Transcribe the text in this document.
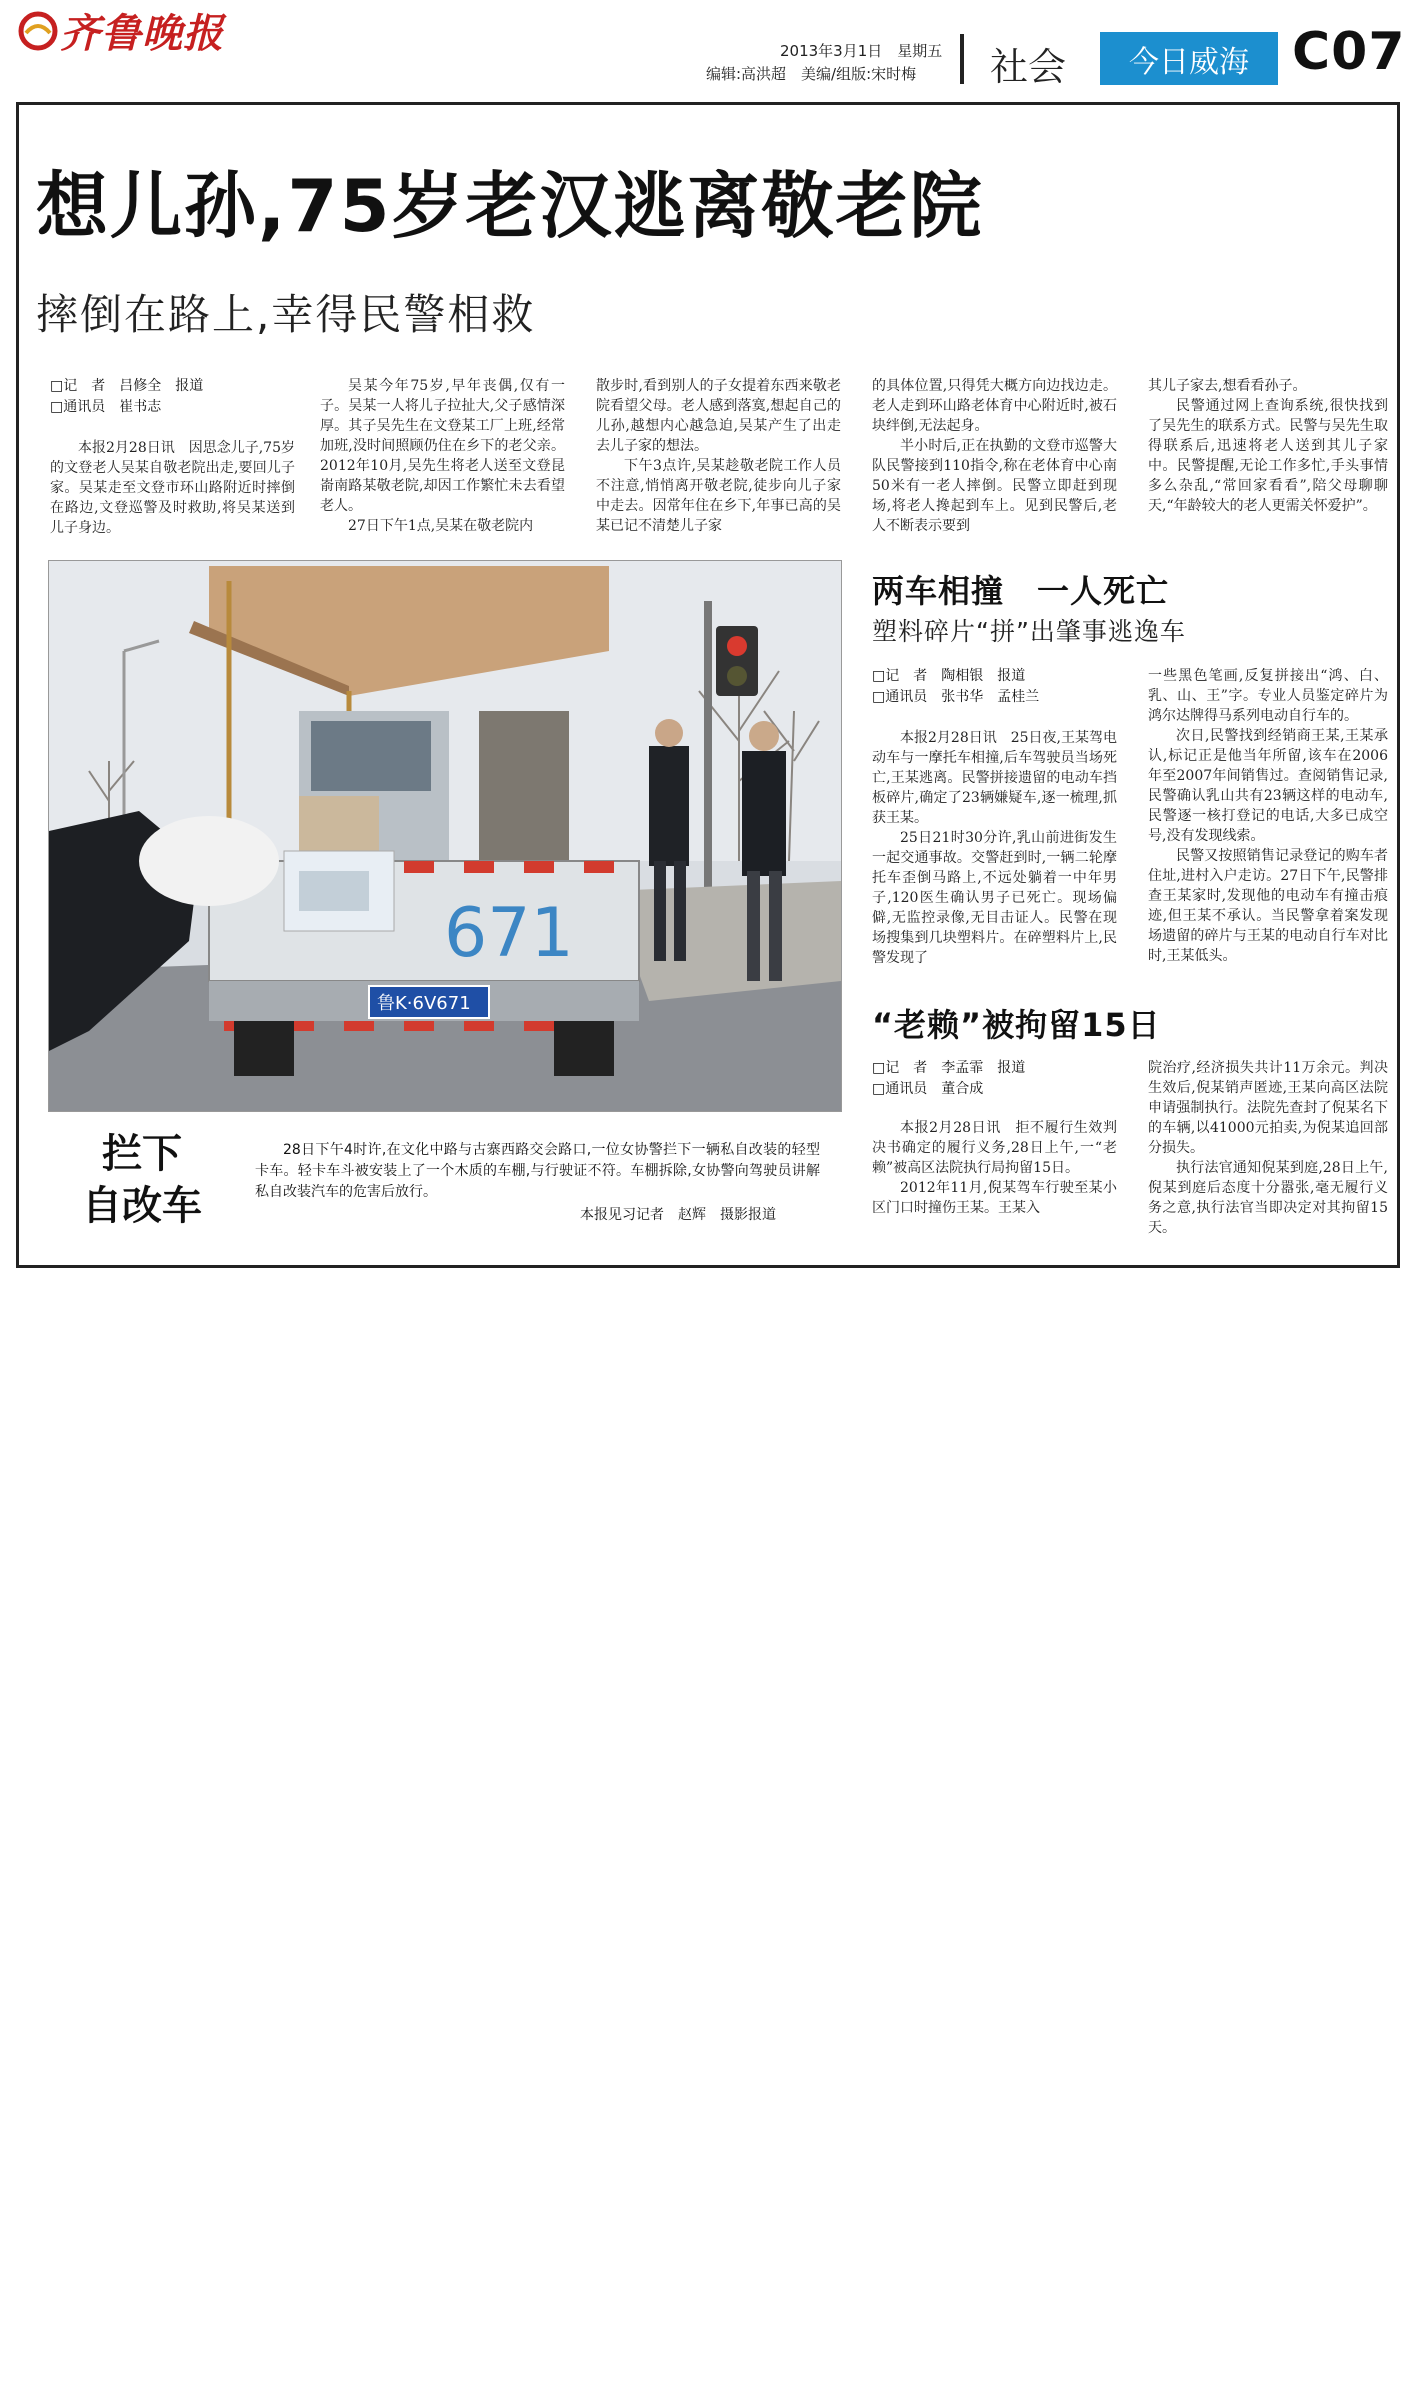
齐鲁晚报	2013年3月1日　星期五
编辑:高洪超　美编/组版:宋时梅 社会	今日威海 C07
想儿孙,75岁老汉逃离敬老院
摔倒在路上,幸得民警相救
□记　者　吕修全　报道
□通讯员　崔书志

本报2月28日讯　因思念儿子,75岁的文登老人吴某自敬老院出走,要回儿子家。吴某走至文登市环山路附近时摔倒在路边,文登巡警及时救助,将吴某送到儿子身边。

吴某今年75岁,早年丧偶,仅有一子。吴某一人将儿子拉扯大,父子感情深厚。其子吴先生在文登某工厂上班,经常加班,没时间照顾仍住在乡下的老父亲。2012年10月,吴先生将老人送至文登昆嵛南路某敬老院,却因工作繁忙未去看望老人。

27日下午1点,吴某在敬老院内

散步时,看到别人的子女提着东西来敬老院看望父母。老人感到落寞,想起自己的儿孙,越想内心越急迫,吴某产生了出走去儿子家的想法。

下午3点许,吴某趁敬老院工作人员不注意,悄悄离开敬老院,徒步向儿子家中走去。因常年住在乡下,年事已高的吴某已记不清楚儿子家

的具体位置,只得凭大概方向边找边走。老人走到环山路老体育中心附近时,被石块绊倒,无法起身。

半小时后,正在执勤的文登市巡警大队民警接到110指令,称在老体育中心南50米有一老人摔倒。民警立即赶到现场,将老人搀起到车上。见到民警后,老人不断表示要到

其儿子家去,想看看孙子。

民警通过网上查询系统,很快找到了吴先生的联系方式。民警与吴先生取得联系后,迅速将老人送到其儿子家中。民警提醒,无论工作多忙,手头事情多么杂乱,“常回家看看”,陪父母聊聊天,“年龄较大的老人更需关怀爱护”。

671
鲁K·6V671
拦下
自改车
28日下午4时许,在文化中路与古寨西路交会路口,一位女协警拦下一辆私自改装的轻型卡车。轻卡车斗被安装上了一个木质的车棚,与行驶证不符。车棚拆除,女协警向驾驶员讲解私自改装汽车的危害后放行。
本报见习记者　赵辉　摄影报道
两车相撞　一人死亡
塑料碎片“拼”出肇事逃逸车
□记　者　陶相银　报道
□通讯员　张书华　孟桂兰

本报2月28日讯　25日夜,王某驾电动车与一摩托车相撞,后车驾驶员当场死亡,王某逃离。民警拼接遗留的电动车挡板碎片,确定了23辆嫌疑车,逐一梳理,抓获王某。

25日21时30分许,乳山前进街发生一起交通事故。交警赶到时,一辆二轮摩托车歪倒马路上,不远处躺着一中年男子,120医生确认男子已死亡。现场偏僻,无监控录像,无目击证人。民警在现场搜集到几块塑料片。在碎塑料片上,民警发现了

一些黑色笔画,反复拼接出“鸿、白、乳、山、王”字。专业人员鉴定碎片为鸿尔达牌得马系列电动自行车的。

次日,民警找到经销商王某,王某承认,标记正是他当年所留,该车在2006年至2007年间销售过。查阅销售记录,民警确认乳山共有23辆这样的电动车,民警逐一核打登记的电话,大多已成空号,没有发现线索。

民警又按照销售记录登记的购车者住址,进村入户走访。27日下午,民警排查王某家时,发现他的电动车有撞击痕迹,但王某不承认。当民警拿着案发现场遗留的碎片与王某的电动自行车对比时,王某低头。

“老赖”被拘留15日
□记　者　李孟霏　报道
□通讯员　董合成

本报2月28日讯　拒不履行生效判决书确定的履行义务,28日上午,一“老赖”被高区法院执行局拘留15日。

2012年11月,倪某驾车行驶至某小区门口时撞伤王某。王某入

院治疗,经济损失共计11万余元。判决生效后,倪某销声匿迹,王某向高区法院申请强制执行。法院先查封了倪某名下的车辆,以41000元拍卖,为倪某追回部分损失。

执行法官通知倪某到庭,28日上午,倪某到庭后态度十分嚣张,毫无履行义务之意,执行法官当即决定对其拘留15天。
